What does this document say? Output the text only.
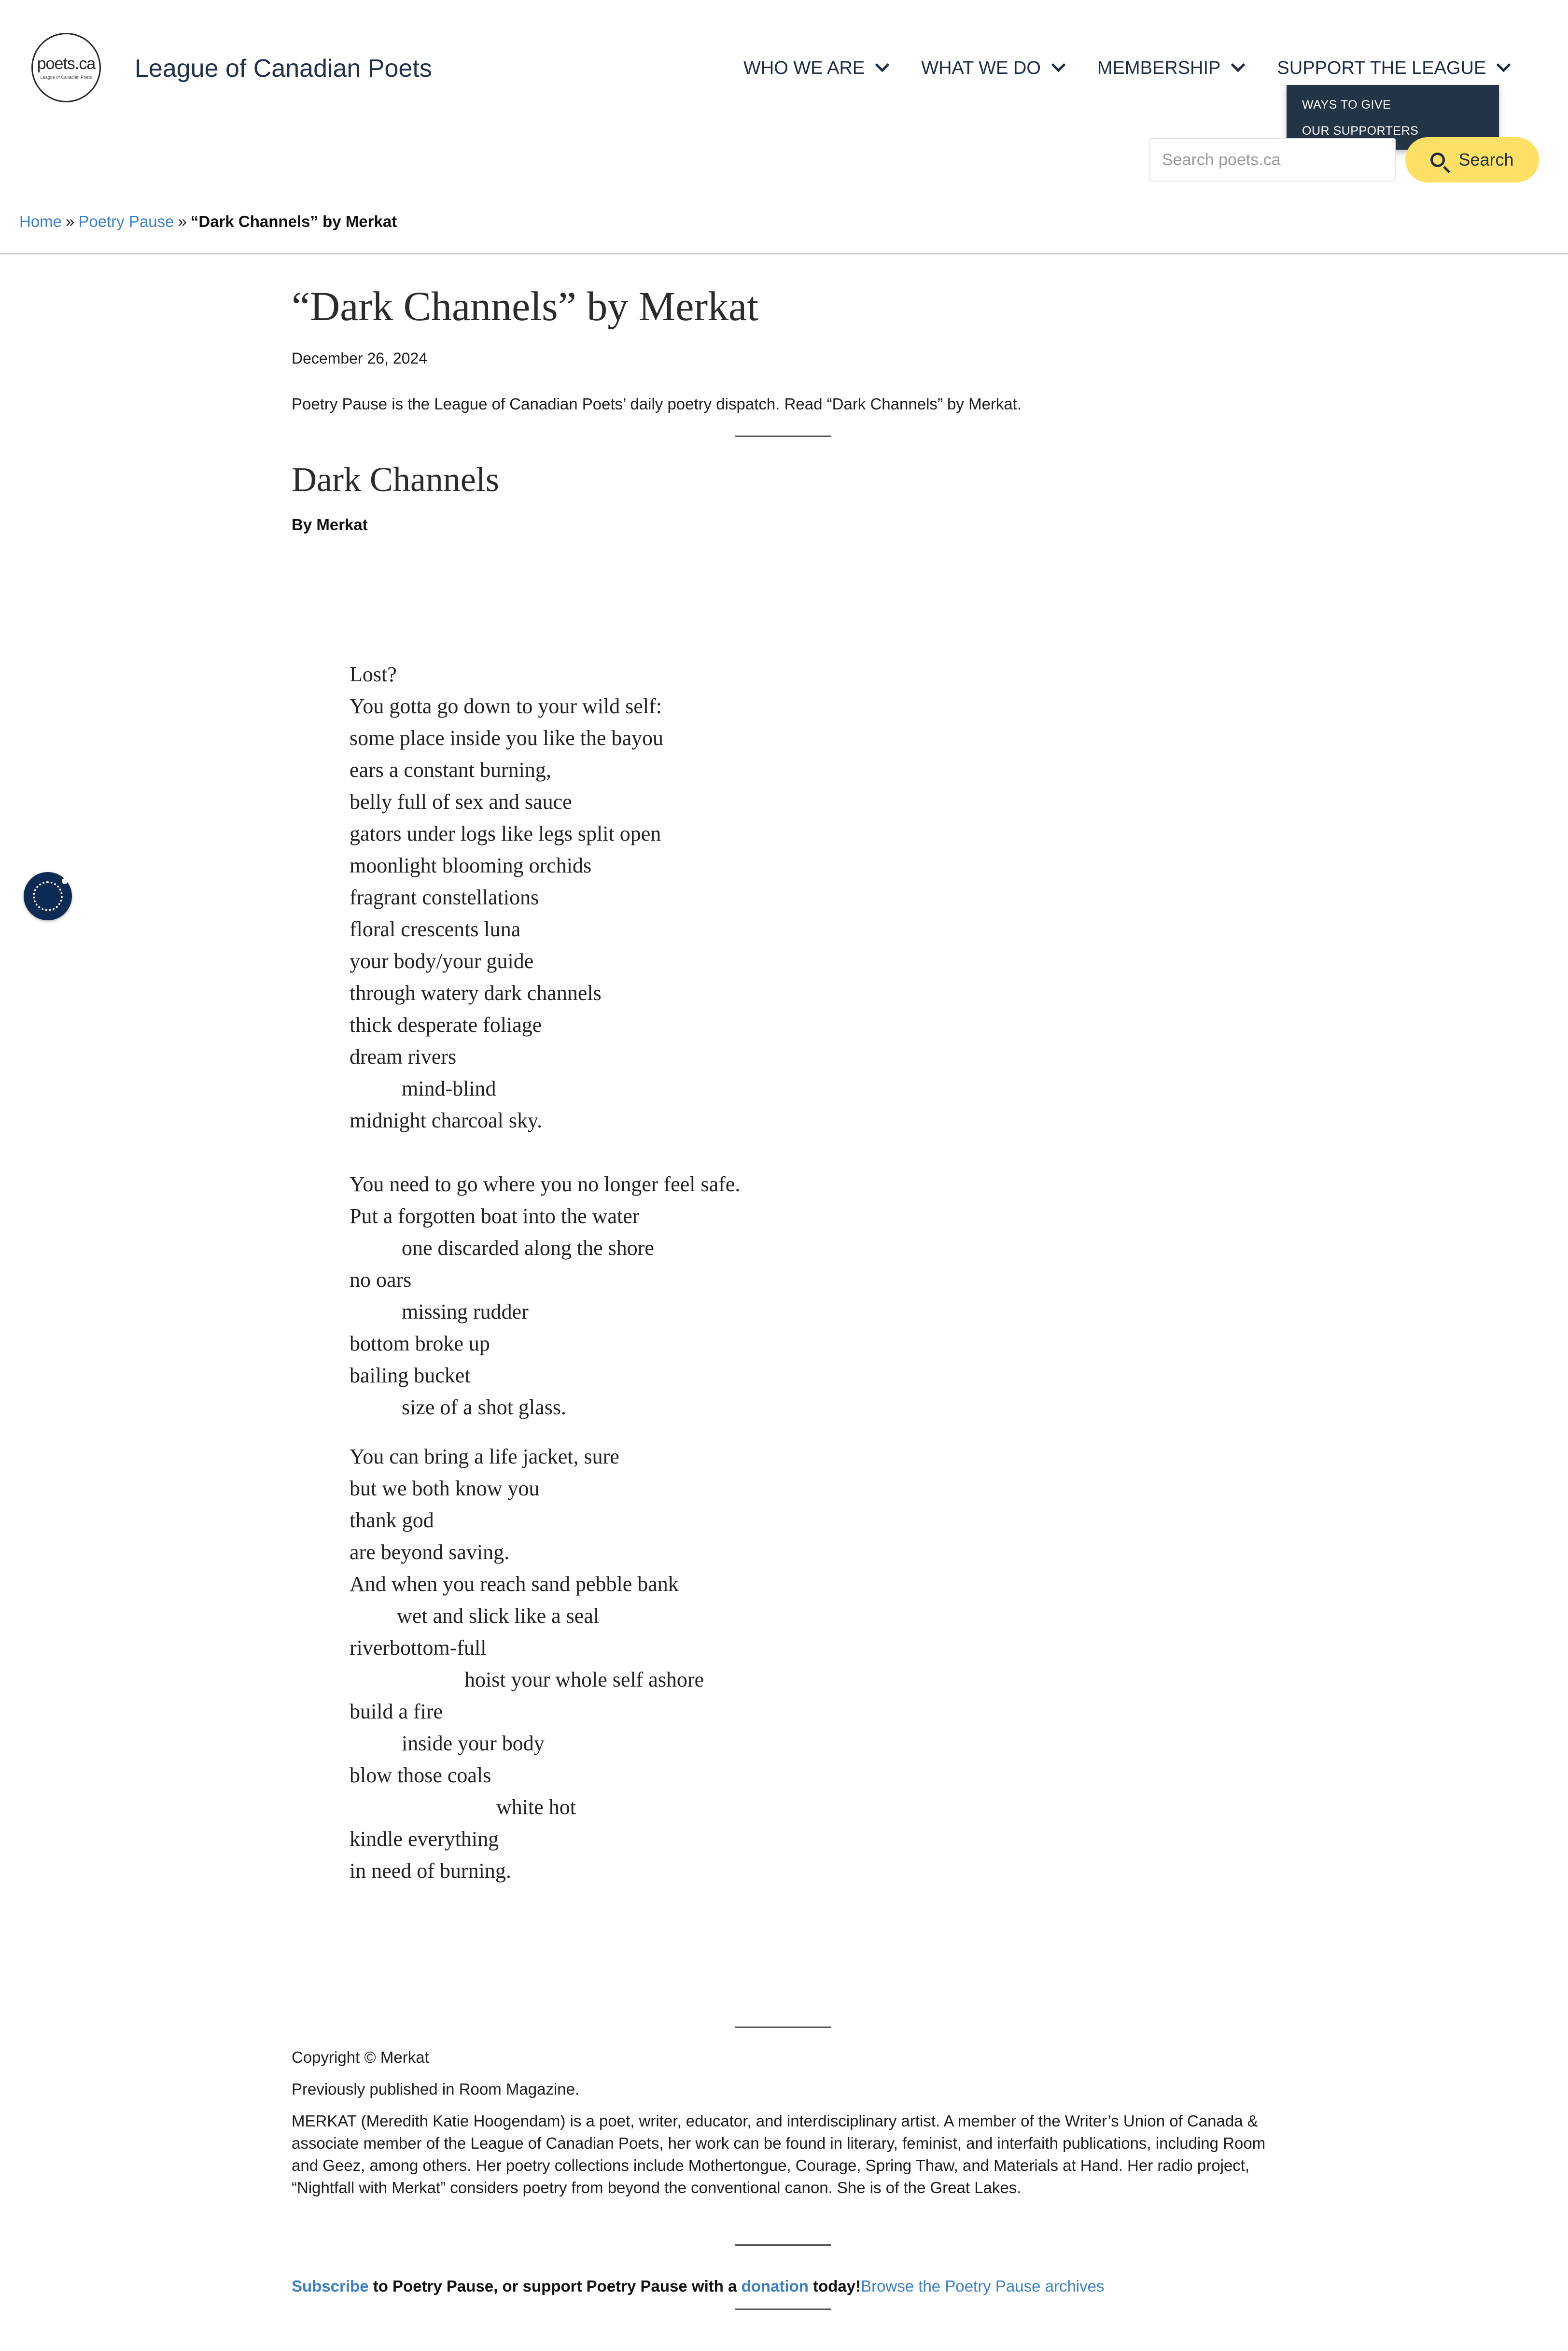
poets.ca
League of Canadian Poets League of Canadian Poets	WHO WE ARE	WHAT WE DO	MEMBERSHIP	SUPPORT THE LEAGUE
WAYS TO GIVE
OUR SUPPORTERS
Search poets.ca
Search
Home » Poetry Pause » “Dark Channels” by Merkat
“Dark Channels” by Merkat
December 26, 2024

Poetry Pause is the League of Canadian Poets’ daily poetry dispatch. Read “Dark Channels” by Merkat.

Dark Channels
By Merkat
Lost?
You gotta go down to your wild self:
some place inside you like the bayou
ears a constant burning,
belly full of sex and sauce
gators under logs like legs split open
moonlight blooming orchids
fragrant constellations
floral crescents luna
your body/your guide
through watery dark channels
thick desperate foliage
dream rivers
mind-blind
midnight charcoal sky.
You need to go where you no longer feel safe.
Put a forgotten boat into the water
one discarded along the shore
no oars
missing rudder
bottom broke up
bailing bucket
size of a shot glass.
You can bring a life jacket, sure
but we both know you
thank god
are beyond saving.
And when you reach sand pebble bank
wet and slick like a seal
riverbottom-full
hoist your whole self ashore
build a fire
inside your body
blow those coals
white hot
kindle everything
in need of burning.
Copyright © Merkat
Previously published in Room Magazine.
MERKAT (Meredith Katie Hoogendam) is a poet, writer, educator, and interdisciplinary artist. A member of the Writer’s Union of Canada & associate member of the League of Canadian Poets, her work can be found in literary, feminist, and interfaith publications, including Room and Geez, among others. Her poetry collections include Mothertongue, Courage, Spring Thaw, and Materials at Hand. Her radio project, “Nightfall with Merkat” considers poetry from beyond the conventional canon. She is of the Great Lakes.
Subscribe to Poetry Pause, or support Poetry Pause with a donation today!Browse the Poetry Pause archives
